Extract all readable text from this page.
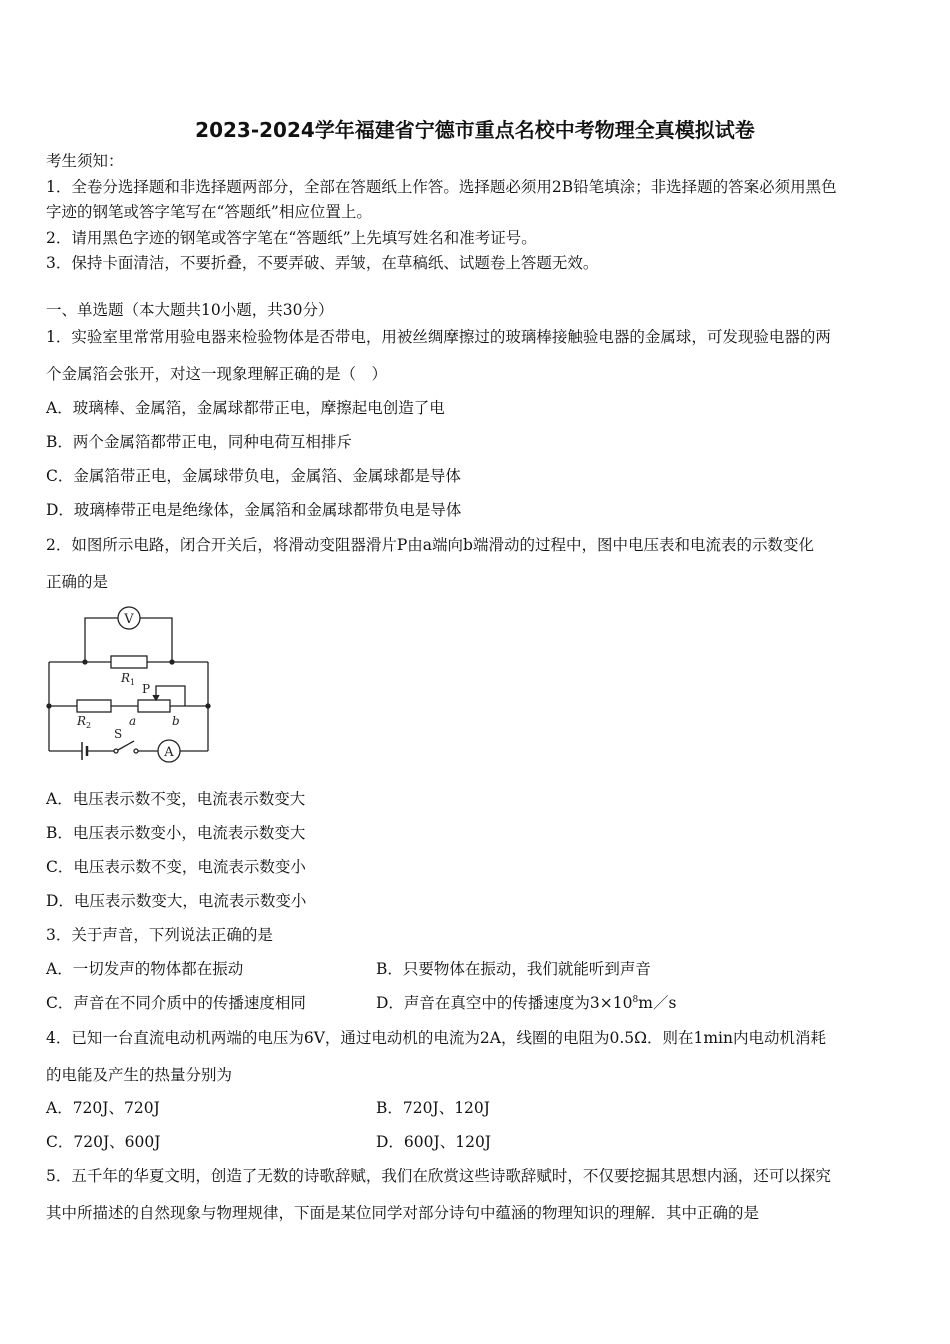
2023-2024学年福建省宁德市重点名校中考物理全真模拟试卷
考生须知：
1．全卷分选择题和非选择题两部分，全部在答题纸上作答。选择题必须用2B铅笔填涂；非选择题的答案必须用黑色
字迹的钢笔或答字笔写在“答题纸”相应位置上。
2．请用黑色字迹的钢笔或答字笔在“答题纸”上先填写姓名和准考证号。
3．保持卡面清洁，不要折叠，不要弄破、弄皱，在草稿纸、试题卷上答题无效。
一、单选题（本大题共10小题，共30分）
1．实验室里常常用验电器来检验物体是否带电，用被丝绸摩擦过的玻璃棒接触验电器的金属球，可发现验电器的两
个金属箔会张开，对这一现象理解正确的是（　）
A．玻璃棒、金属箔，金属球都带正电，摩擦起电创造了电
B．两个金属箔都带正电，同种电荷互相排斥
C．金属箔带正电，金属球带负电，金属箔、金属球都是导体
D．玻璃棒带正电是绝缘体，金属箔和金属球都带负电是导体
2．如图所示电路，闭合开关后，将滑动变阻器滑片P由a端向b端滑动的过程中，图中电压表和电流表的示数变化
正确的是
V
R 1 P
R 2	a	b
S
A
A．电压表示数不变，电流表示数变大
B．电压表示数变小，电流表示数变大
C．电压表示数不变，电流表示数变小
D．电压表示数变大，电流表示数变小
3．关于声音，下列说法正确的是
A．一切发声的物体都在振动	B．只要物体在振动，我们就能听到声音
C．声音在不同介质中的传播速度相同	D．声音在真空中的传播速度为$3\times 10^8m/s$
4．已知一台直流电动机两端的电压为6V，通过电动机的电流为2A，线圈的电阻为0.5Ω．则在1min内电动机消耗
的电能及产生的热量分别为
A．720J、720J	B．720J、120J
C．720J、600J	D．600J、120J
5．五千年的华夏文明，创造了无数的诗歌辞赋，我们在欣赏这些诗歌辞赋时，不仅要挖掘其思想内涵，还可以探究
其中所描述的自然现象与物理规律，下面是某位同学对部分诗句中蕴涵的物理知识的理解．其中正确的是
